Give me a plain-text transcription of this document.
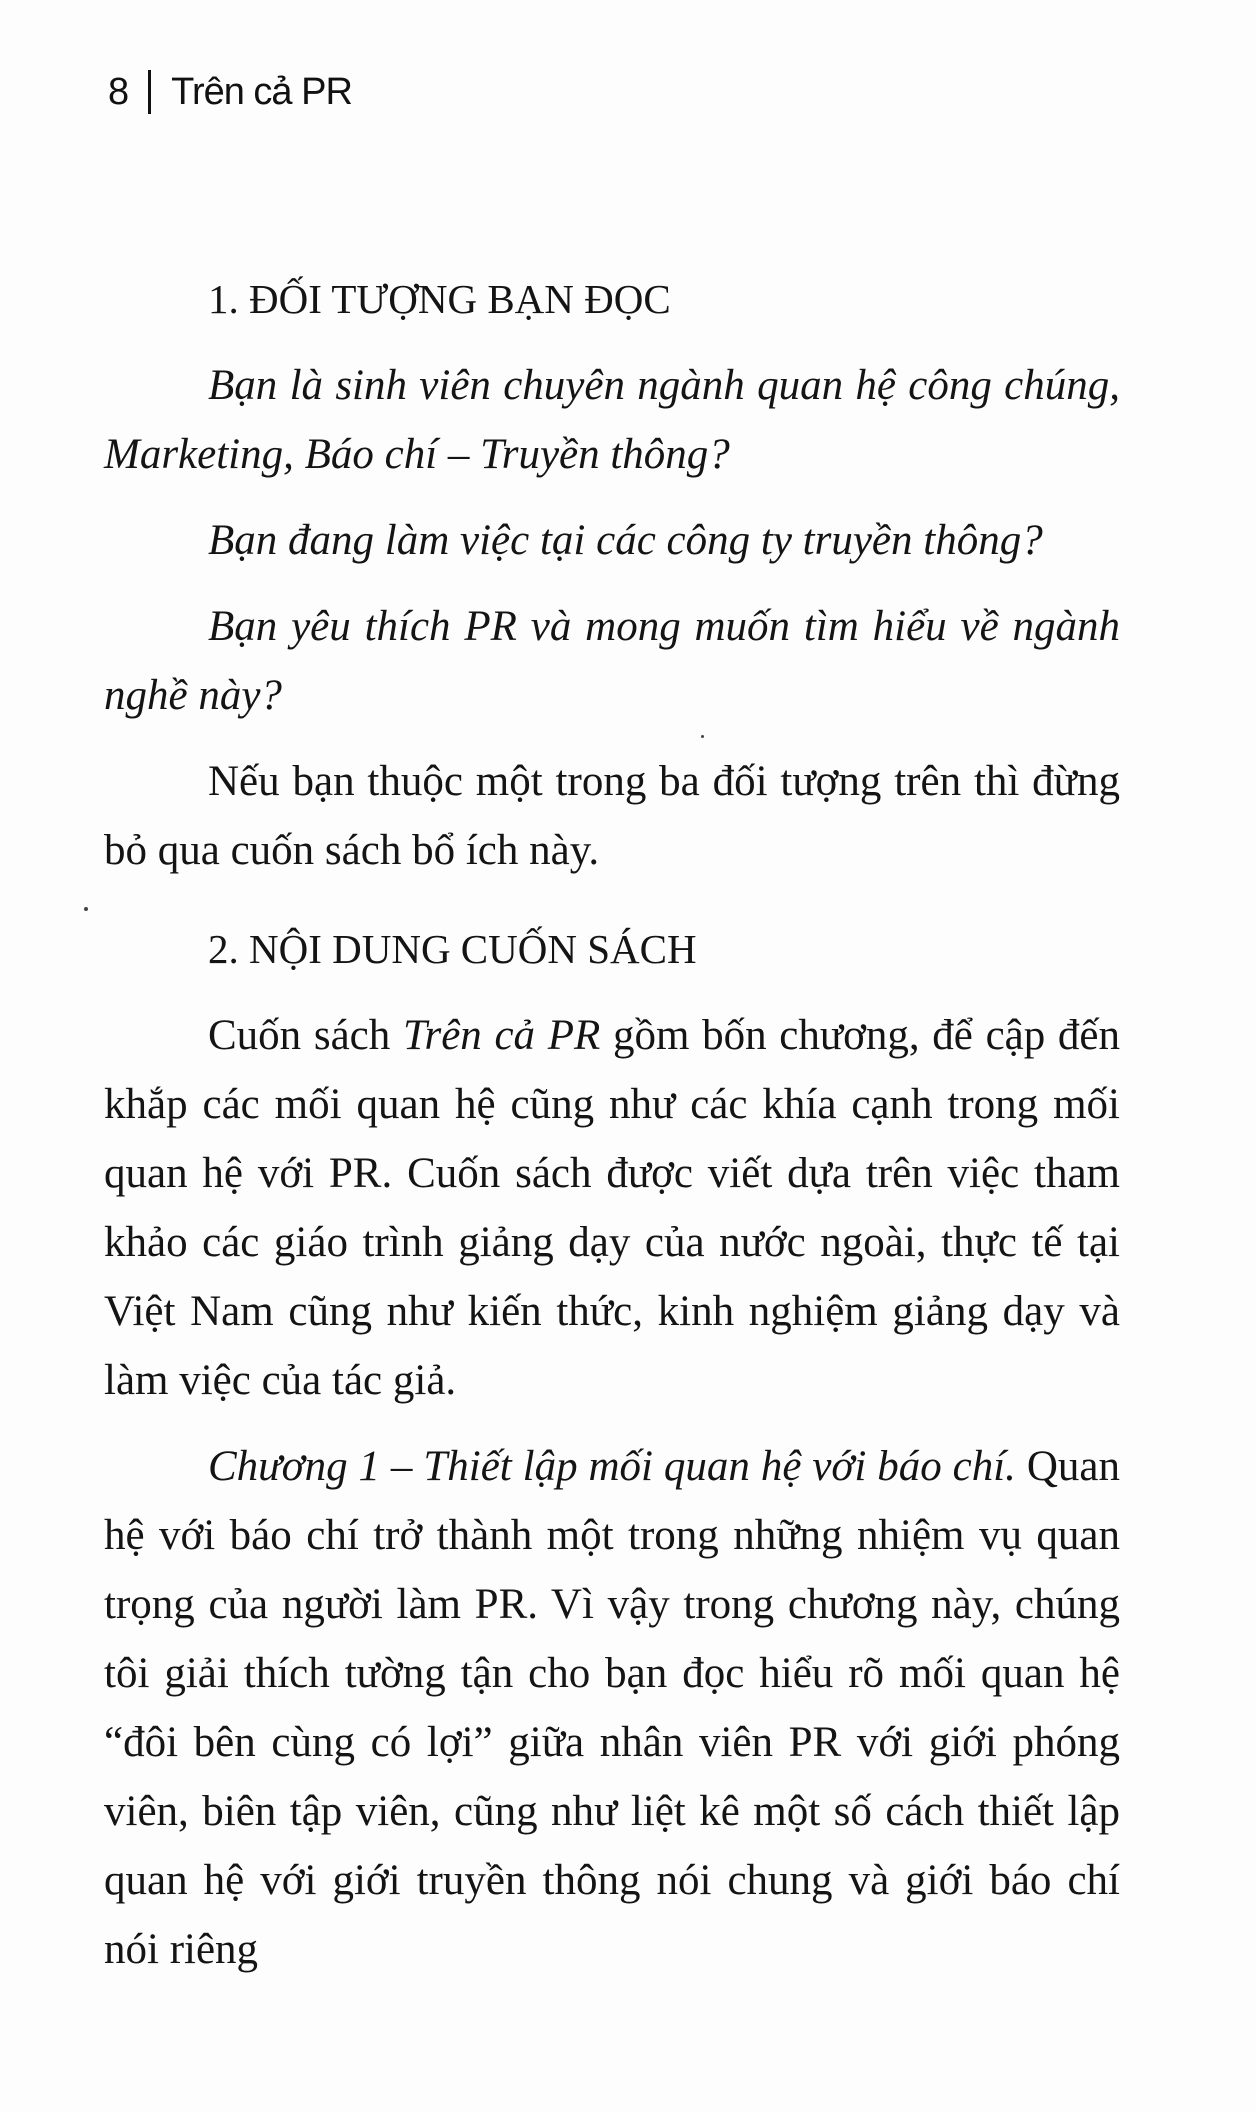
8 Trên cả PR

1. ĐỐI TƯỢNG BẠN ĐỌC

Bạn là sinh viên chuyên ngành quan hệ công chúng, Marketing, Báo chí – Truyền thông?

Bạn đang làm việc tại các công ty truyền thông?

Bạn yêu thích PR và mong muốn tìm hiểu về ngành nghề này?

Nếu bạn thuộc một trong ba đối tượng trên thì đừng bỏ qua cuốn sách bổ ích này.

2. NỘI DUNG CUỐN SÁCH

Cuốn sách Trên cả PR gồm bốn chương, để cập đến khắp các mối quan hệ cũng như các khía cạnh trong mối quan hệ với PR. Cuốn sách được viết dựa trên việc tham khảo các giáo trình giảng dạy của nước ngoài, thực tế tại Việt Nam cũng như kiến thức, kinh nghiệm giảng dạy và làm việc của tác giả.

Chương 1 – Thiết lập mối quan hệ với báo chí. Quan hệ với báo chí trở thành một trong những nhiệm vụ quan trọng của người làm PR. Vì vậy trong chương này, chúng tôi giải thích tường tận cho bạn đọc hiểu rõ mối quan hệ “đôi bên cùng có lợi” giữa nhân viên PR với giới phóng viên, biên tập viên, cũng như liệt kê một số cách thiết lập quan hệ với giới truyền thông nói chung và giới báo chí nói riêng
